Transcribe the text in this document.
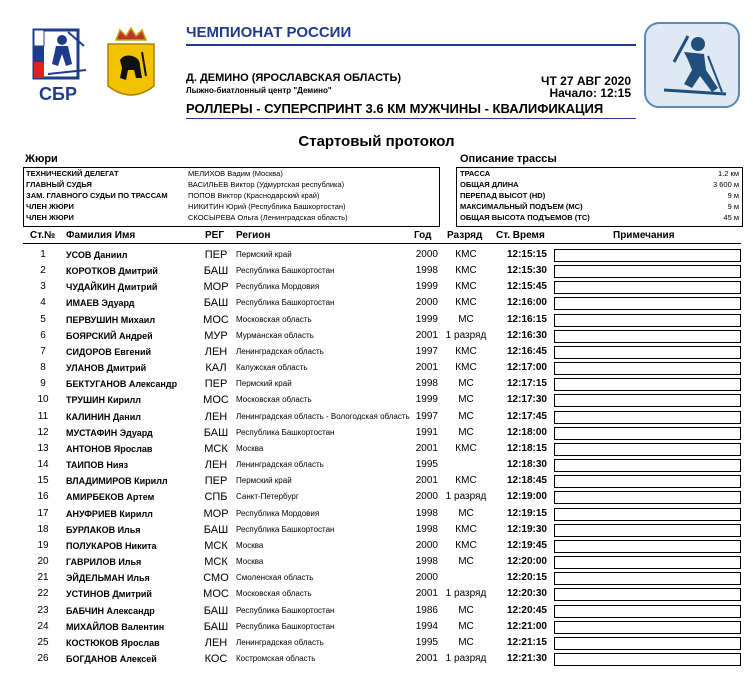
СБР
ЧЕМПИОНАТ РОССИИ
Д. ДЕМИНО (ЯРОСЛАВСКАЯ ОБЛАСТЬ)
Лыжно-биатлонный центр "Демино"
ЧТ 27 АВГ 2020
Начало: 12:15
РОЛЛЕРЫ - СУПЕРСПРИНТ 3.6 КМ МУЖЧИНЫ - КВАЛИФИКАЦИЯ
Стартовый протокол
Жюри	Описание трассы
ТЕХНИЧЕСКИЙ ДЕЛЕГАТ	МЕЛИХОВ Вадим (Москва)
ГЛАВНЫЙ СУДЬЯ	ВАСИЛЬЕВ Виктор (Удмуртская республика)
ЗАМ. ГЛАВНОГО СУДЬИ ПО ТРАССАМ	ПОПОВ Виктор (Краснодарский край)
ЧЛЕН ЖЮРИ	НИКИТИН Юрий (Республика Башкортостан)
ЧЛЕН ЖЮРИ	СКОСЫРЕВА Ольга (Ленинградская область)
ТРАССА	1.2 км
ОБЩАЯ ДЛИНА	3 600 м
ПЕРЕПАД ВЫСОТ (HD)	9 м
МАКСИМАЛЬНЫЙ ПОДЪЕМ (MC)	9 м
ОБЩАЯ ВЫСОТА ПОДЪЕМОВ (TC)	45 м
Ст.№ Фамилия Имя	РЕГ Регион	Год Разряд Ст. Время	Примечания
1	УСОВ Даниил	ПЕР	Пермский край	2000	КМС	12:15:15
2	КОРОТКОВ Дмитрий	БАШ Республика Башкортостан	1998	КМС	12:15:30
3	ЧУДАЙКИН Дмитрий	МОР Республика Мордовия	1999	КМС	12:15:45
4	ИМАЕВ Эдуард	БАШ Республика Башкортостан	2000	КМС	12:16:00
5	ПЕРВУШИН Михаил	МОС Московская область	1999	МС	12:16:15
6	БОЯРСКИЙ Андрей	МУР	Мурманская область	2001 1 разряд	12:16:30
7	СИДОРОВ Евгений	ЛЕН	Ленинградская область	1997	КМС	12:16:45
8	УЛАНОВ Дмитрий	КАЛ	Калужская область	2001	КМС	12:17:00
9	БЕКТУГАНОВ Александр	ПЕР	Пермский край	1998	МС	12:17:15
10	ТРУШИН Кирилл	МОС Московская область	1999	МС	12:17:30
11	КАЛИНИН Данил	ЛЕН	Ленинградская область - Вологодская область 1997	МС	12:17:45
12	МУСТАФИН Эдуард	БАШ Республика Башкортостан	1991	МС	12:18:00
13	АНТОНОВ Ярослав	МСК	Москва	2001	КМС	12:18:15
14	ТАИПОВ Нияз	ЛЕН	Ленинградская область	1995	12:18:30
15	ВЛАДИМИРОВ Кирилл	ПЕР	Пермский край	2001	КМС	12:18:45
16	АМИРБЕКОВ Артем	СПБ	Санкт-Петербург	2000 1 разряд	12:19:00
17	АНУФРИЕВ Кирилл	МОР Республика Мордовия	1998	МС	12:19:15
18	БУРЛАКОВ Илья	БАШ Республика Башкортостан	1998	КМС	12:19:30
19	ПОЛУКАРОВ Никита	МСК	Москва	2000	КМС	12:19:45
20	ГАВРИЛОВ Илья	МСК	Москва	1998	МС	12:20:00
21	ЭЙДЕЛЬМАН Илья	СМО Смоленская область	2000	12:20:15
22	УСТИНОВ Дмитрий	МОС Московская область	2001 1 разряд	12:20:30
23	БАБЧИН Александр	БАШ Республика Башкортостан	1986	МС	12:20:45
24	МИХАЙЛОВ Валентин	БАШ Республика Башкортостан	1994	МС	12:21:00
25	КОСТЮКОВ Ярослав	ЛЕН	Ленинградская область	1995	МС	12:21:15
26	БОГДАНОВ Алексей	КОС	Костромская область	2001 1 разряд	12:21:30
